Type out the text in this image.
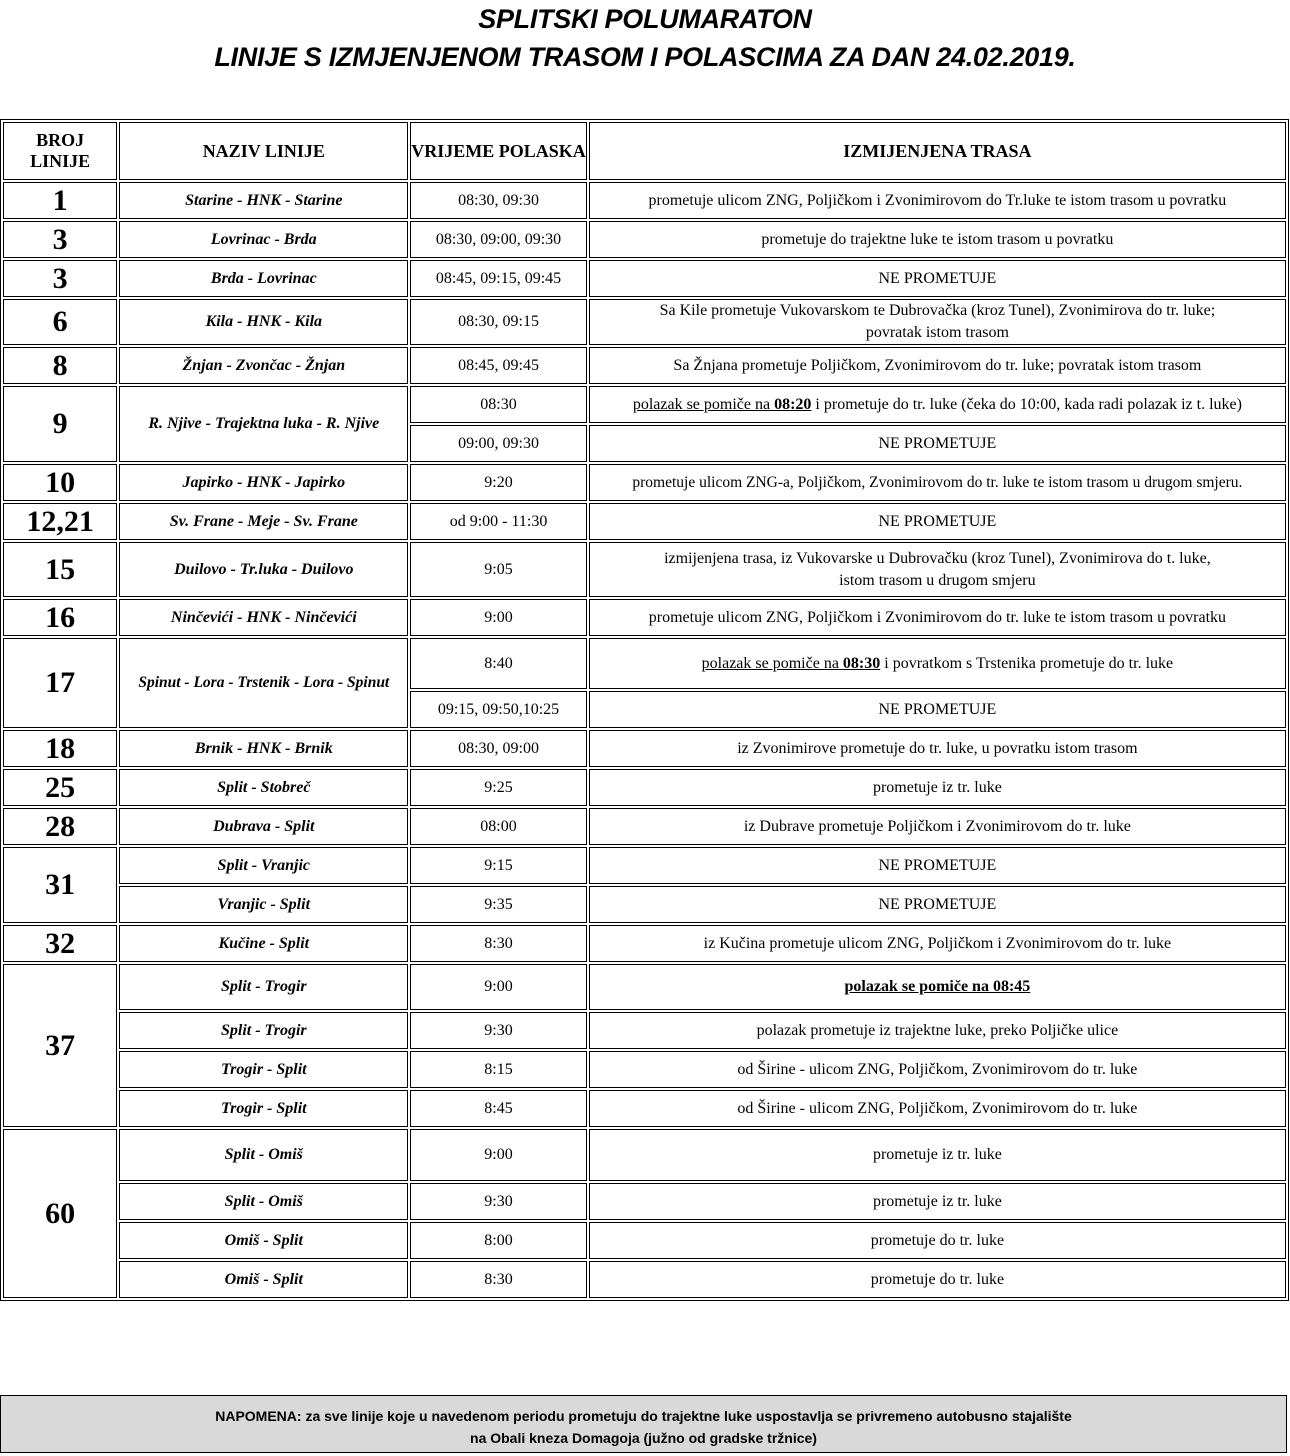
SPLITSKI POLUMARATON
LINIJE S IZMJENJENOM TRASOM I POLASCIMA ZA DAN 24.02.2019.
BROJ LINIJE	NAZIV LINIJE	VRIJEME POLASKA	IZMIJENJENA TRASA
1	Starine - HNK - Starine	08:30, 09:30	prometuje ulicom ZNG, Poljičkom i Zvonimirovom do Tr.luke te istom trasom u povratku
3	Lovrinac - Brda	08:30, 09:00, 09:30	prometuje do trajektne luke te istom trasom u povratku
3	Brda - Lovrinac	08:45, 09:15, 09:45	NE PROMETUJE
6	Kila - HNK - Kila	08:30, 09:15	Sa Kile prometuje Vukovarskom te Dubrovačka (kroz Tunel), Zvonimirova do tr. luke;
povratak istom trasom

8	Žnjan - Zvončac - Žnjan	08:45, 09:45	Sa Žnjana prometuje Poljičkom, Zvonimirovom do tr. luke; povratak istom trasom
9	R. Njive - Trajektna luka - R. Njive	08:30	polazak se pomiče na 08:20 i prometuje do tr. luke (čeka do 10:00, kada radi polazak iz t. luke)
		09:00, 09:30	NE PROMETUJE
10	Japirko - HNK - Japirko	9:20	prometuje ulicom ZNG-a, Poljičkom, Zvonimirovom do tr. luke te istom trasom u drugom smjeru.
12,21	Sv. Frane - Meje - Sv. Frane	od 9:00 - 11:30	NE PROMETUJE
15	Duilovo - Tr.luka - Duilovo	9:05	izmijenjena trasa, iz Vukovarske u Dubrovačku (kroz Tunel), Zvonimirova do t. luke,
istom trasom u drugom smjeru

16	Ninčevići - HNK - Ninčevići	9:00	prometuje ulicom ZNG, Poljičkom i Zvonimirovom do tr. luke te istom trasom u povratku
17	Spinut - Lora - Trstenik - Lora - Spinut	8:40	polazak se pomiče na 08:30 i povratkom s Trstenika prometuje do tr. luke
		09:15, 09:50,10:25	NE PROMETUJE
18	Brnik - HNK - Brnik	08:30, 09:00	iz Zvonimirove prometuje do tr. luke, u povratku istom trasom
25	Split - Stobreč	9:25	prometuje iz tr. luke
28	Dubrava - Split	08:00	iz Dubrave prometuje Poljičkom i Zvonimirovom do tr. luke
31	Split - Vranjic	9:15	NE PROMETUJE
	Vranjic - Split	9:35	NE PROMETUJE
32	Kučine - Split	8:30	iz Kučina prometuje ulicom ZNG, Poljičkom i Zvonimirovom do tr. luke
37	Split - Trogir	9:00	polazak se pomiče na 08:45
	Split - Trogir	9:30	polazak prometuje iz trajektne luke, preko Poljičke ulice
	Trogir - Split	8:15	od Širine - ulicom ZNG, Poljičkom, Zvonimirovom do tr. luke
	Trogir - Split	8:45	od Širine - ulicom ZNG, Poljičkom, Zvonimirovom do tr. luke
60	Split - Omiš	9:00	prometuje iz tr. luke
	Split - Omiš	9:30	prometuje iz tr. luke
	Omiš - Split	8:00	prometuje do tr. luke
	Omiš - Split	8:30	prometuje do tr. luke
NAPOMENA: za sve linije koje u navedenom periodu prometuju do trajektne luke uspostavlja se privremeno autobusno stajalište
na Obali kneza Domagoja (južno od gradske tržnice)
